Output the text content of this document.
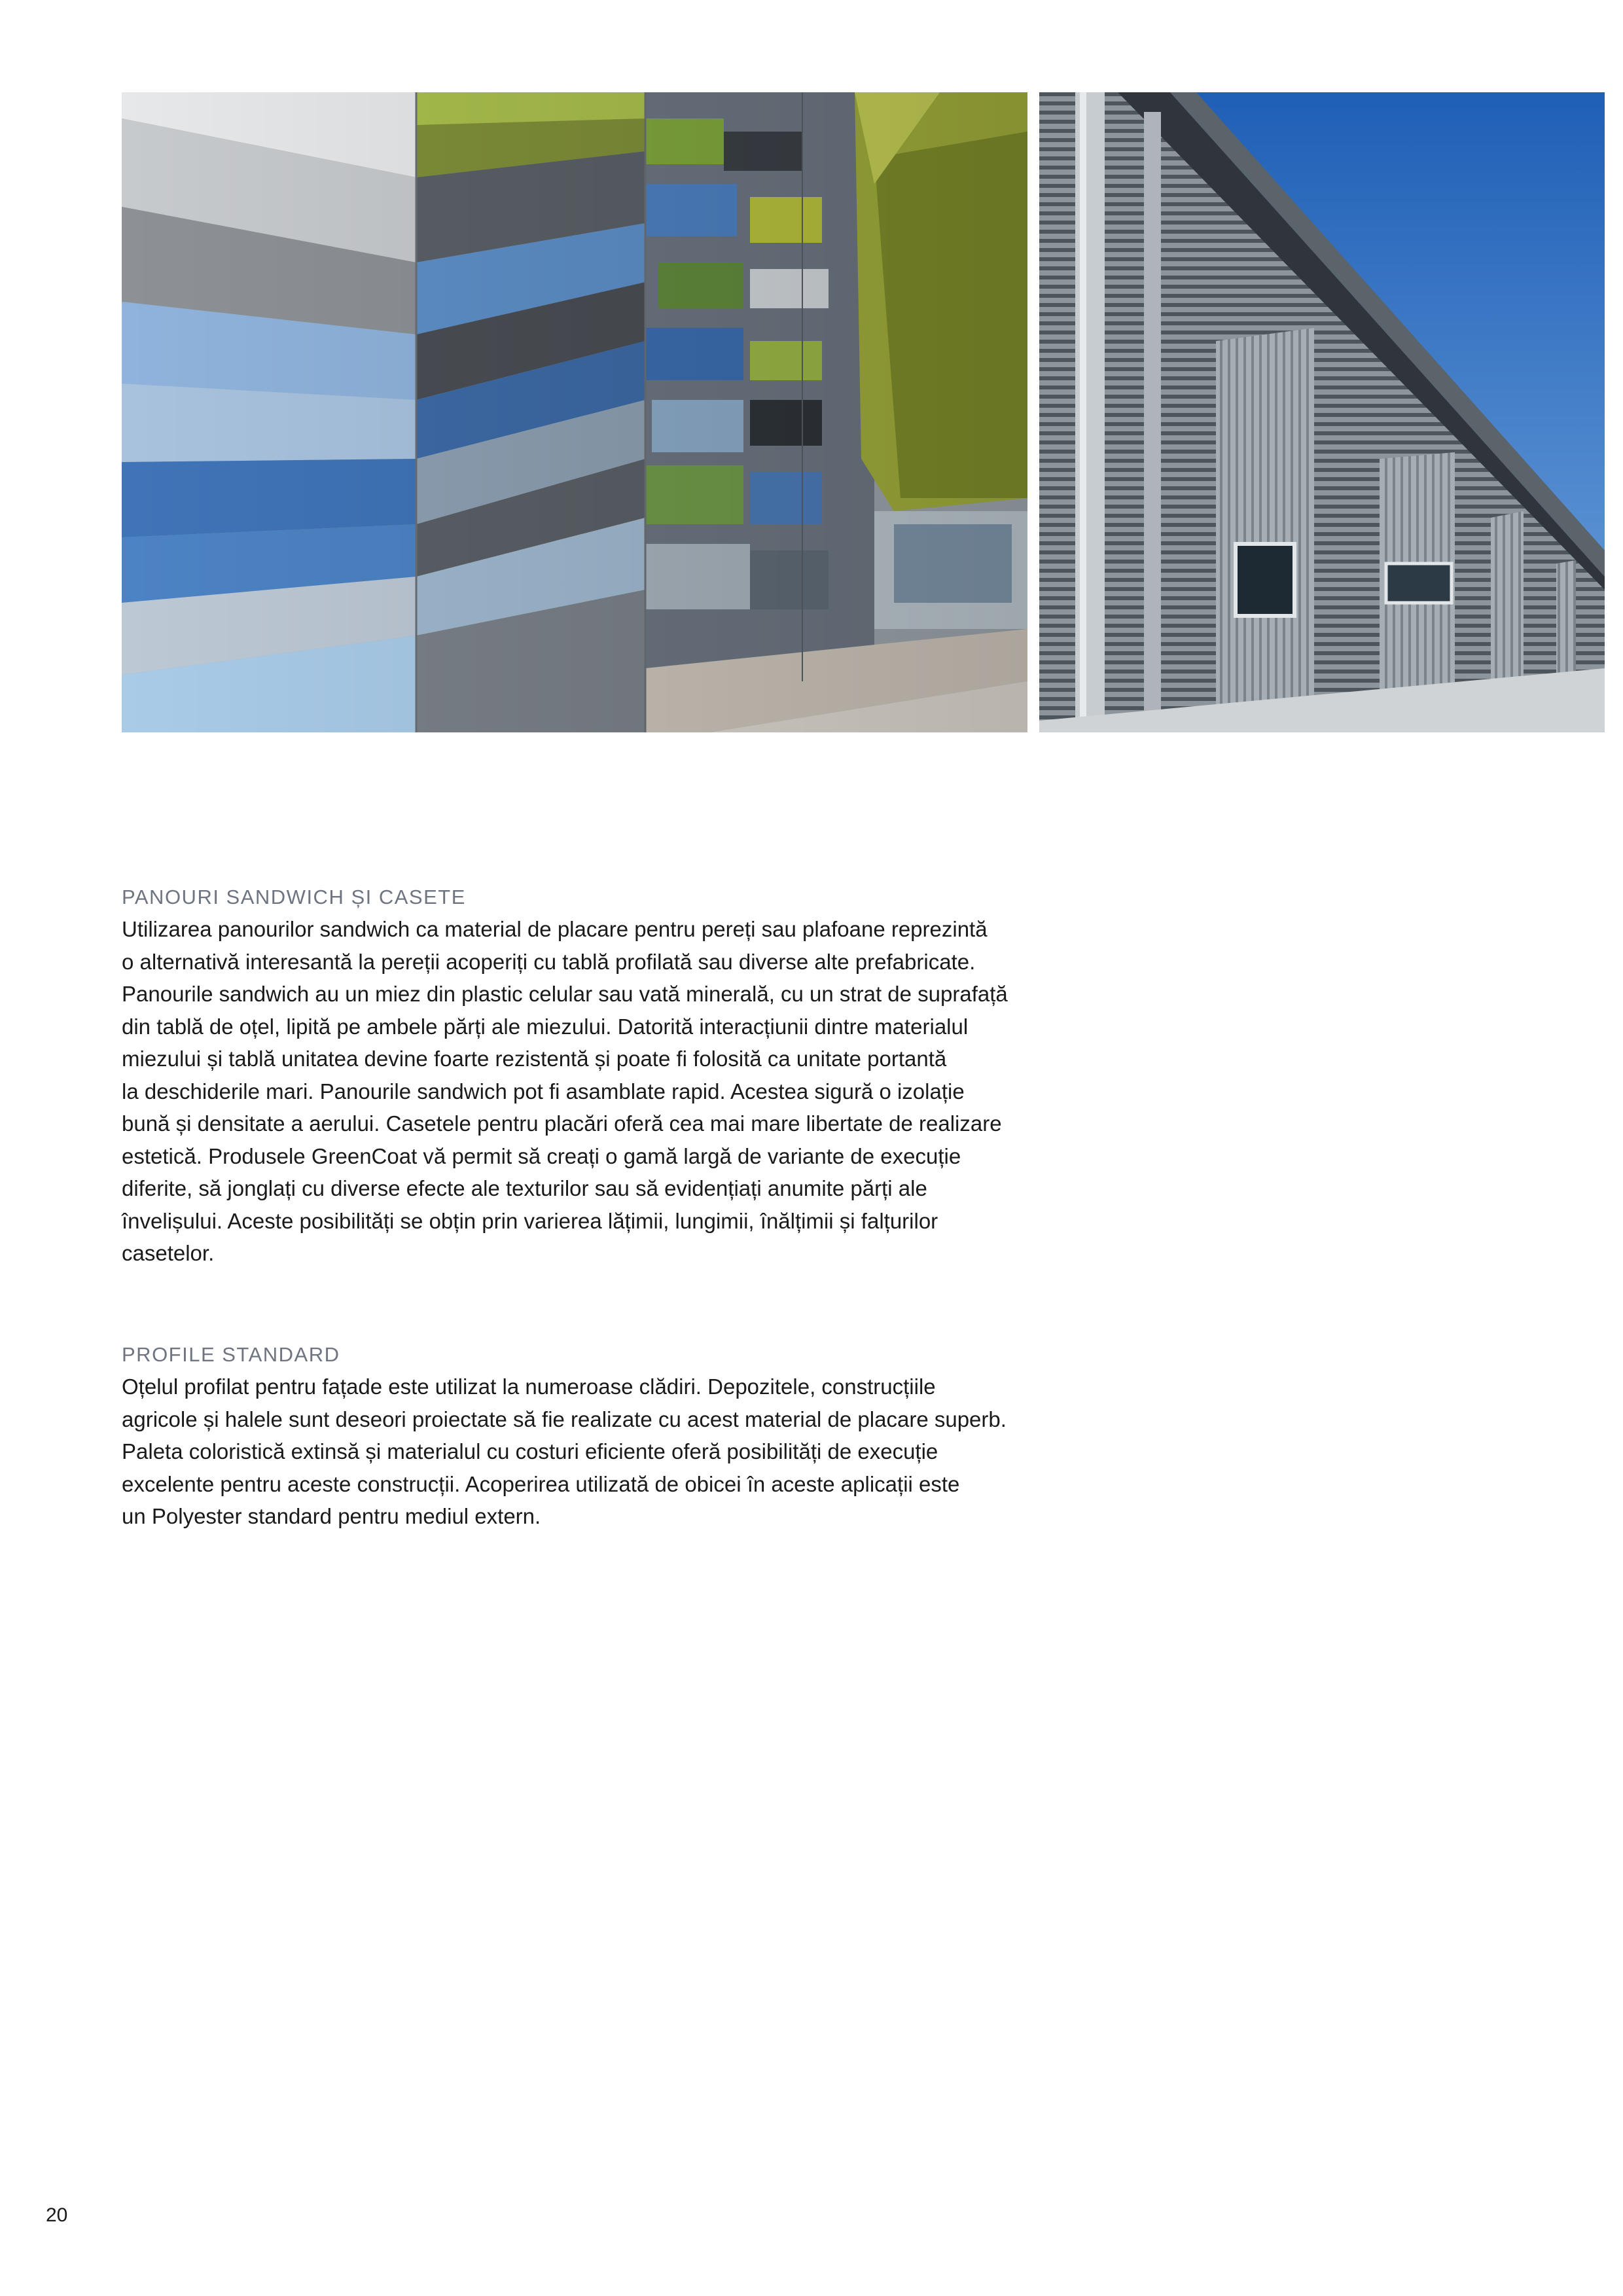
PANOURI SANDWICH ȘI CASETE

Utilizarea panourilor sandwich ca material de placare pentru pereți sau plafoane reprezintă
o alternativă interesantă la pereții acoperiți cu tablă profilată sau diverse alte prefabricate.
Panourile sandwich au un miez din plastic celular sau vată minerală, cu un strat de suprafață
din tablă de oțel, lipită pe ambele părți ale miezului. Datorită interacțiunii dintre materialul
miezului și tablă unitatea devine foarte rezistentă și poate fi folosită ca unitate portantă
la deschiderile mari. Panourile sandwich pot fi asamblate rapid. Acestea sigură o izolație
bună și densitate a aerului. Casetele pentru placări oferă cea mai mare libertate de realizare
estetică. Produsele GreenCoat vă permit să creați o gamă largă de variante de execuție
diferite, să jonglați cu diverse efecte ale texturilor sau să evidențiați anumite părți ale
învelișului. Aceste posibilități se obțin prin varierea lățimii, lungimii, înălțimii și falțurilor
casetelor.

PROFILE STANDARD

Oțelul profilat pentru fațade este utilizat la numeroase clădiri. Depozitele, construcțiile
agricole și halele sunt deseori proiectate să fie realizate cu acest material de placare superb.
Paleta coloristică extinsă și materialul cu costuri eficiente oferă posibilități de execuție
excelente pentru aceste construcții. Acoperirea utilizată de obicei în aceste aplicații este
un Polyester standard pentru mediul extern.

20
